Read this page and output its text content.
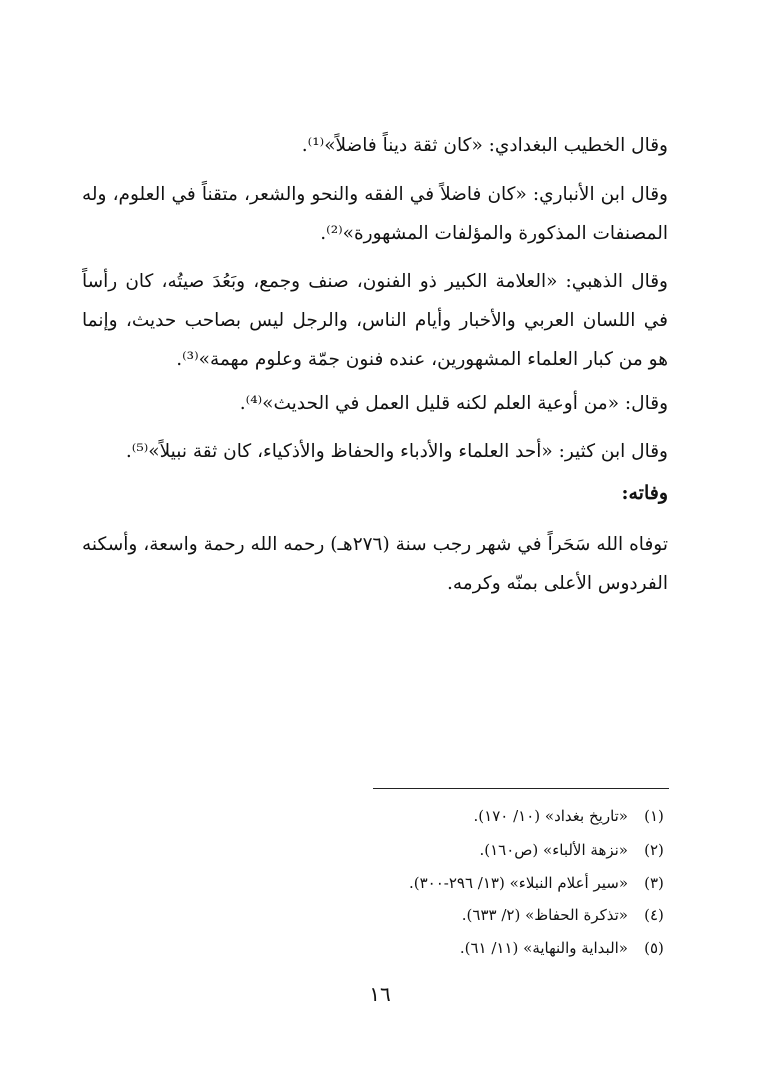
وقال الخطيب البغدادي: «كان ثقة ديناً فاضلاً»⁽¹⁾.

وقال ابن الأنباري: «كان فاضلاً في الفقه والنحو والشعر، متقناً في العلوم، وله المصنفات المذكورة والمؤلفات المشهورة»⁽²⁾.

وقال الذهبي: «العلامة الكبير ذو الفنون، صنف وجمع، وبَعُدَ صيتُه، كان رأساً في اللسان العربي والأخبار وأيام الناس، والرجل ليس بصاحب حديث، وإنما هو من كبار العلماء المشهورين، عنده فنون جمّة وعلوم مهمة»⁽³⁾.

وقال: «من أوعية العلم لكنه قليل العمل في الحديث»⁽⁴⁾.

وقال ابن كثير: «أحد العلماء والأدباء والحفاظ والأذكياء، كان ثقة نبيلاً»⁽⁵⁾.

وفاته:

توفاه الله سَحَراً في شهر رجب سنة (٢٧٦هـ) رحمه الله رحمة واسعة، وأسكنه الفردوس الأعلى بمنّه وكرمه.

(١)
«تاريخ بغداد» (١٠/ ١٧٠).
(٢)
«نزهة الألباء» (ص١٦٠).
(٣)
«سير أعلام النبلاء» (١٣/ ٢٩٦-٣٠٠).
(٤)
«تذكرة الحفاظ» (٢/ ٦٣٣).
(٥)
«البداية والنهاية» (١١/ ٦١).
١٦
